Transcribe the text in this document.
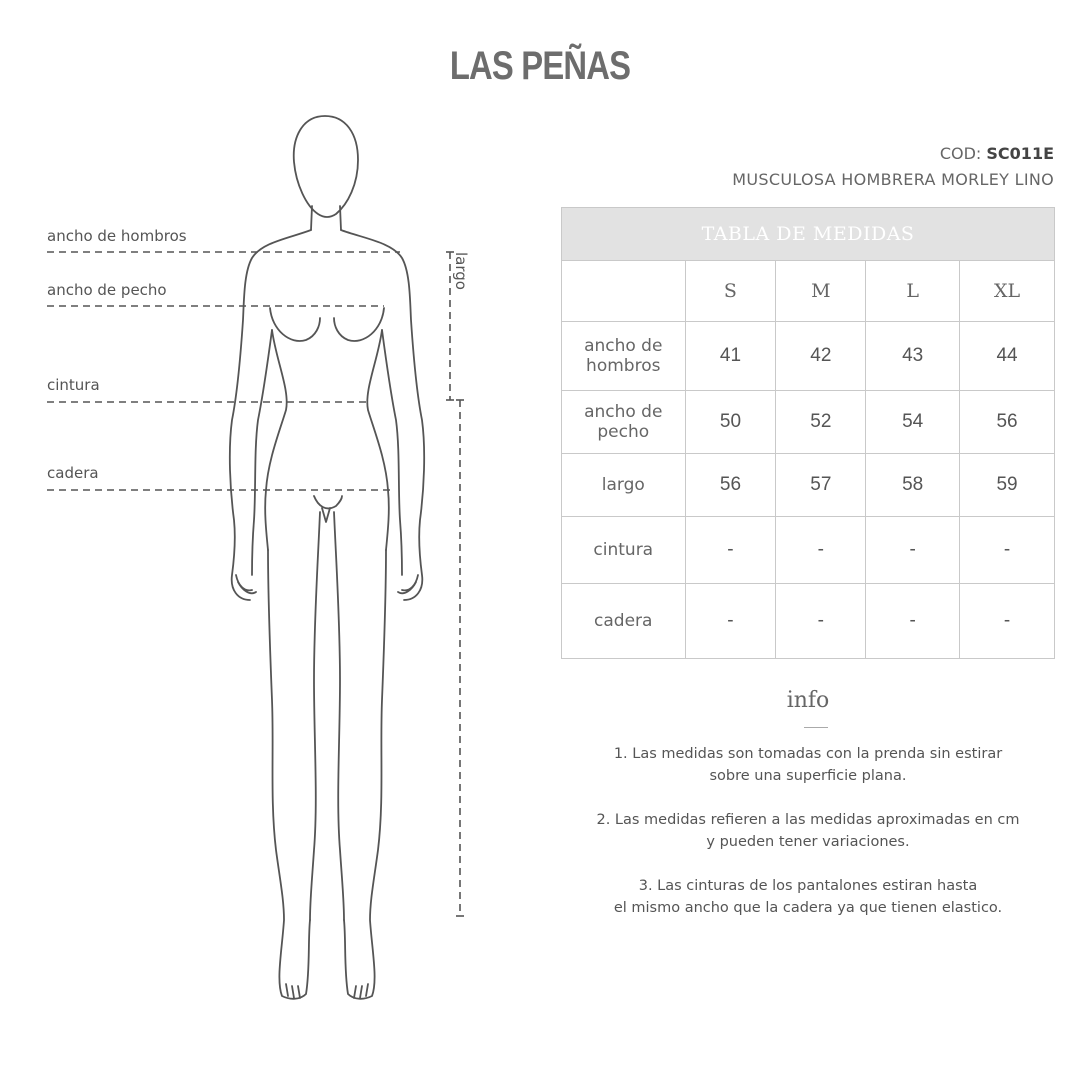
LAS PEÑAS
ancho de hombros
ancho de pecho
cintura
cadera
largo
COD: SC011E
MUSCULOSA HOMBRERA MORLEY LINO
TABLA DE MEDIDAS				
	S	M	L	XL
ancho de
hombros	41	42	43	44
ancho de
pecho	50	52	54	56
largo	56	57	58	59
cintura	-	-	-	-
cadera	-	-	-	-
info
1. Las medidas son tomadas con la prenda sin estirar
sobre una superficie plana.
2. Las medidas refieren a las medidas aproximadas en cm
y pueden tener variaciones.
3. Las cinturas de los pantalones estiran hasta
el mismo ancho que la cadera ya que tienen elastico.
